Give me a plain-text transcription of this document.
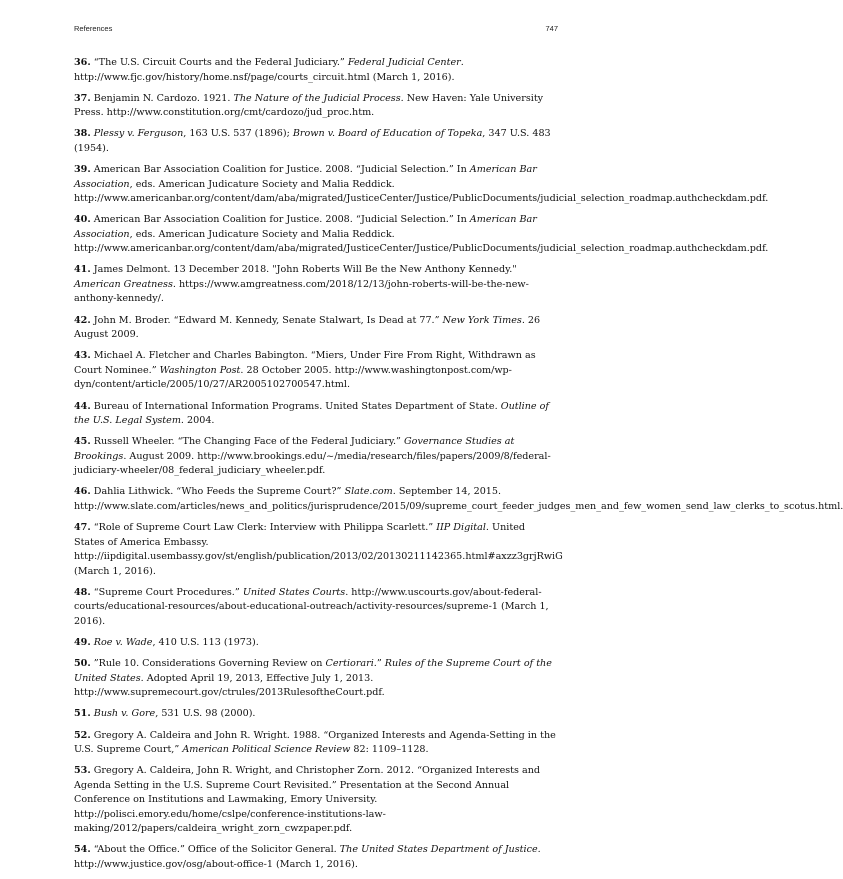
References	747

36. “The U.S. Circuit Courts and the Federal Judiciary.” Federal Judicial Center. http://www.fjc.gov/history/home.nsf/page/courts_circuit.html (March 1, 2016).

37. Benjamin N. Cardozo. 1921. The Nature of the Judicial Process. New Haven: Yale University Press. http://www.constitution.org/cmt/cardozo/jud_proc.htm.

38. Plessy v. Ferguson, 163 U.S. 537 (1896); Brown v. Board of Education of Topeka, 347 U.S. 483 (1954).

39. American Bar Association Coalition for Justice. 2008. “Judicial Selection.” In American Bar Association, eds. American Judicature Society and Malia Reddick. http://www.americanbar.org/content/dam/aba/migrated/JusticeCenter/Justice/PublicDocuments/judicial_selection_roadmap.authcheckdam.pdf.

40. American Bar Association Coalition for Justice. 2008. “Judicial Selection.” In American Bar Association, eds. American Judicature Society and Malia Reddick. http://www.americanbar.org/content/dam/aba/migrated/JusticeCenter/Justice/PublicDocuments/judicial_selection_roadmap.authcheckdam.pdf.

41. James Delmont. 13 December 2018. "John Roberts Will Be the New Anthony Kennedy." American Greatness. https://www.amgreatness.com/2018/12/13/john-roberts-will-be-the-new-anthony-kennedy/.

42. John M. Broder. “Edward M. Kennedy, Senate Stalwart, Is Dead at 77.” New York Times. 26 August 2009.

43. Michael A. Fletcher and Charles Babington. “Miers, Under Fire From Right, Withdrawn as Court Nominee.” Washington Post. 28 October 2005. http://www.washingtonpost.com/wp-dyn/content/article/2005/10/27/AR2005102700547.html.

44. Bureau of International Information Programs. United States Department of State. Outline of the U.S. Legal System. 2004.

45. Russell Wheeler. “The Changing Face of the Federal Judiciary.” Governance Studies at Brookings. August 2009. http://www.brookings.edu/~/media/research/files/papers/2009/8/federal-judiciary-wheeler/08_federal_judiciary_wheeler.pdf.

46. Dahlia Lithwick. “Who Feeds the Supreme Court?” Slate.com. September 14, 2015. http://www.slate.com/articles/news_and_politics/jurisprudence/2015/09/supreme_court_feeder_judges_men_and_few_women_send_law_clerks_to_scotus.html.

47. “Role of Supreme Court Law Clerk: Interview with Philippa Scarlett.” IIP Digital. United States of America Embassy. http://iipdigital.usembassy.gov/st/english/publication/2013/02/20130211142365.html#axzz3grjRwiG (March 1, 2016).

48. “Supreme Court Procedures.” United States Courts. http://www.uscourts.gov/about-federal-courts/educational-resources/about-educational-outreach/activity-resources/supreme-1 (March 1, 2016).

49. Roe v. Wade, 410 U.S. 113 (1973).

50. ”Rule 10. Considerations Governing Review on Certiorari.” Rules of the Supreme Court of the United States. Adopted April 19, 2013, Effective July 1, 2013. http://www.supremecourt.gov/ctrules/2013RulesoftheCourt.pdf.

51. Bush v. Gore, 531 U.S. 98 (2000).

52. Gregory A. Caldeira and John R. Wright. 1988. “Organized Interests and Agenda-Setting in the U.S. Supreme Court,” American Political Science Review 82: 1109–1128.

53. Gregory A. Caldeira, John R. Wright, and Christopher Zorn. 2012. “Organized Interests and Agenda Setting in the U.S. Supreme Court Revisited.” Presentation at the Second Annual Conference on Institutions and Lawmaking, Emory University. http://polisci.emory.edu/home/cslpe/conference-institutions-law-making/2012/papers/caldeira_wright_zorn_cwzpaper.pdf.

54. “About the Office.” Office of the Solicitor General. The United States Department of Justice. http://www.justice.gov/osg/about-office-1 (March 1, 2016).
